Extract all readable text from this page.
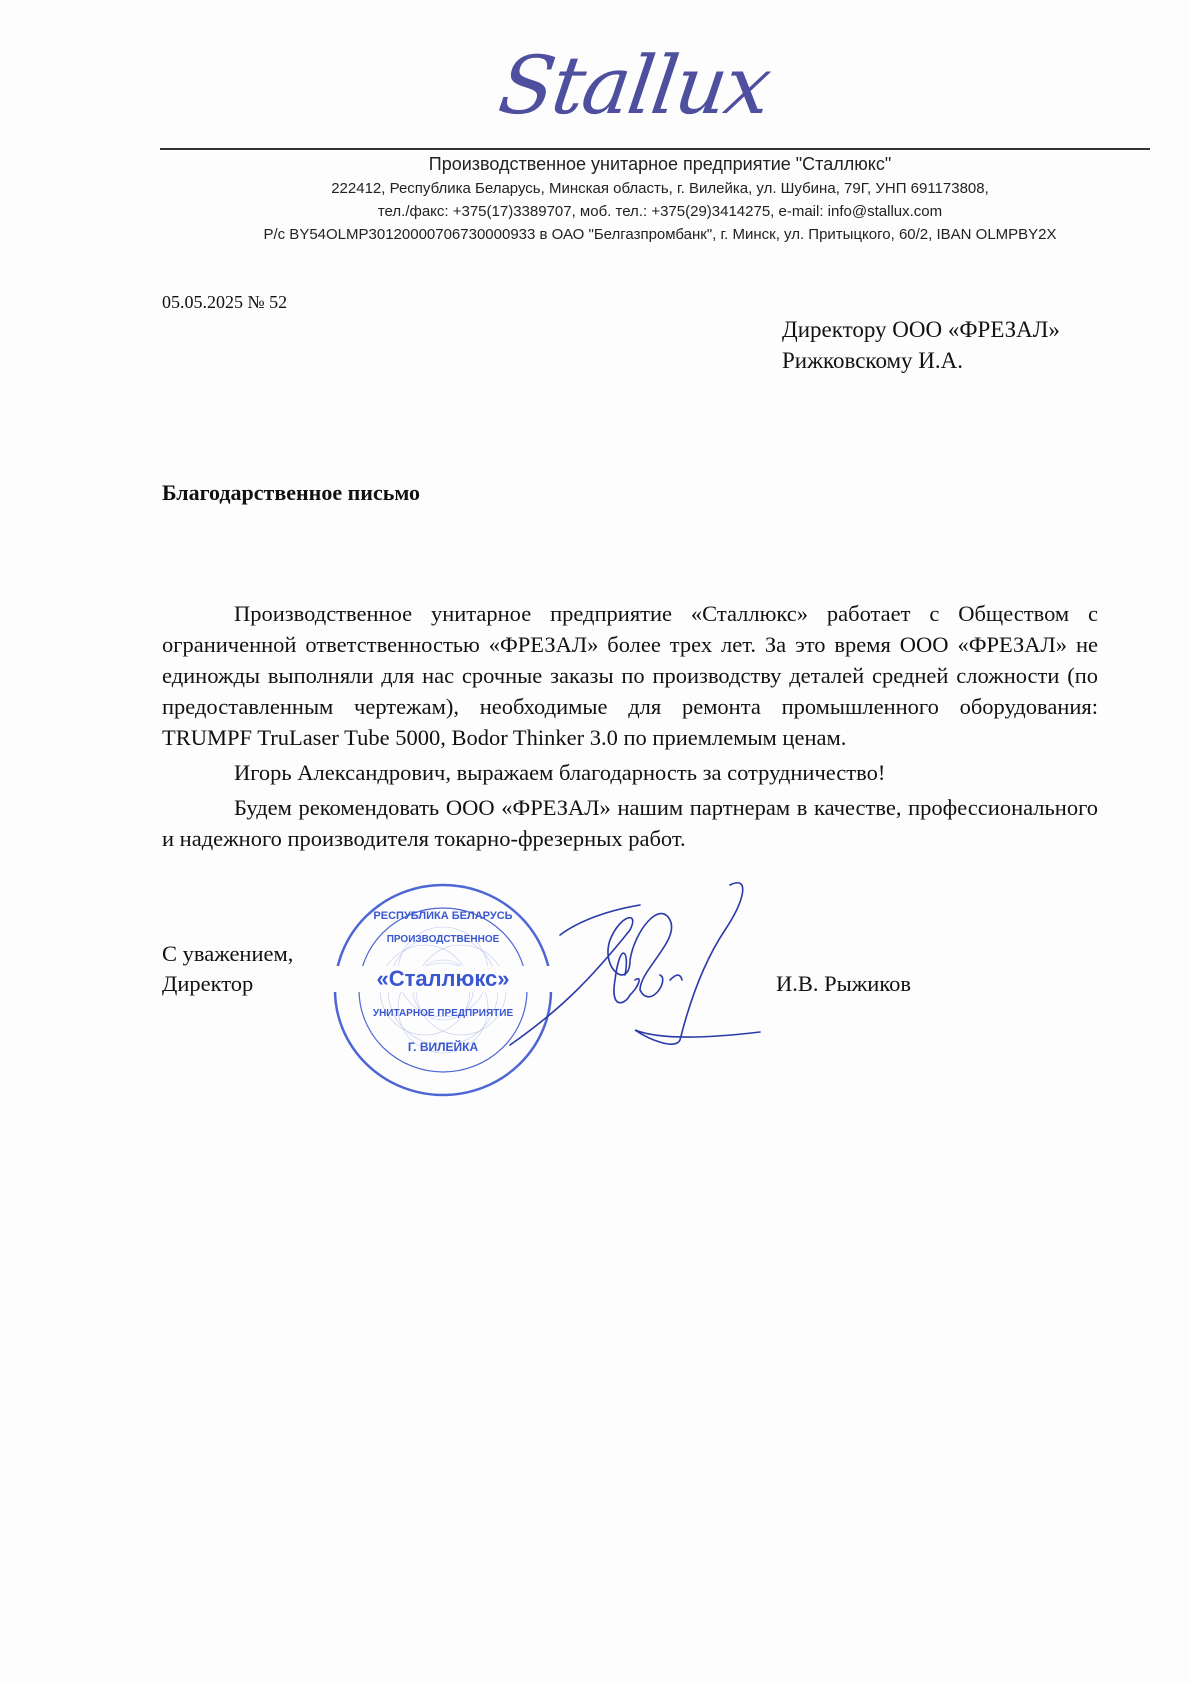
Stallux
Производственное унитарное предприятие "Сталлюкс"
222412, Республика Беларусь, Минская область, г. Вилейка, ул. Шубина, 79Г, УНП 691173808,
тел./факс: +375(17)3389707, моб. тел.: +375(29)3414275, e-mail: info@stallux.com
Р/с BY54OLMP30120000706730000933 в ОАО "Белгазпромбанк", г. Минск, ул. Притыцкого, 60/2, IBAN OLMPBY2X
05.05.2025 № 52
Директору ООО «ФРЕЗАЛ»
Рижковскому И.А.
Благодарственное письмо

Производственное унитарное предприятие «Сталлюкс» работает с Обществом с ограниченной ответственностью «ФРЕЗАЛ» более трех лет. За это время ООО «ФРЕЗАЛ» не единожды выполняли для нас срочные заказы по производству деталей средней сложности (по предоставленным чертежам), необходимые для ремонта промышленного оборудования: TRUMPF TruLaser Tube 5000, Bodor Thinker 3.0 по приемлемым ценам.

Игорь Александрович, выражаем благодарность за сотрудничество!

Будем рекомендовать ООО «ФРЕЗАЛ» нашим партнерам в качестве, профессионального и надежного производителя токарно-фрезерных работ.

С уважением,
Директор	И.В. Рыжиков
РЕСПУБЛИКА БЕЛАРУСЬ
ПРОИЗВОДСТВЕННОЕ
«Сталлюкс»
УНИТАРНОЕ ПРЕДПРИЯТИЕ
Г. ВИЛЕЙКА
